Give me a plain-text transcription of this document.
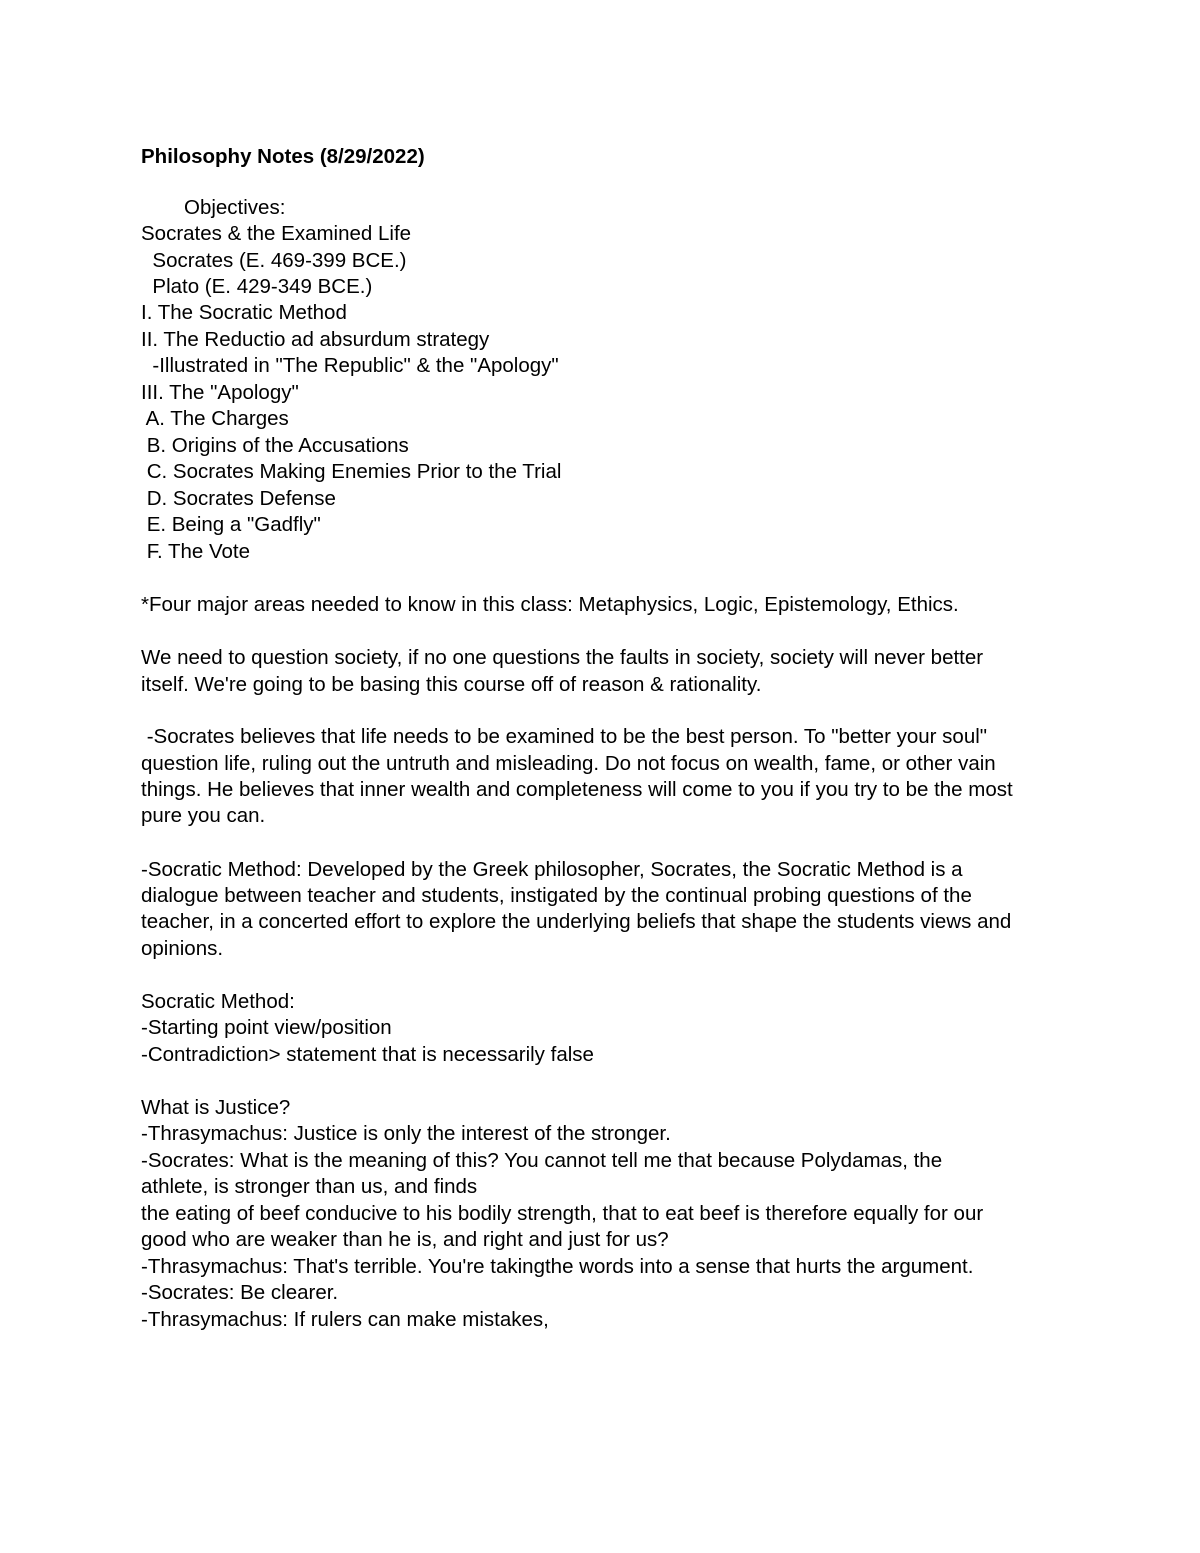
Philosophy Notes (8/29/2022)

Objectives:

Socrates & the Examined Life

Socrates (E. 469-399 BCE.)

Plato (E. 429-349 BCE.)

I. The Socratic Method

II. The Reductio ad absurdum strategy

-Illustrated in "The Republic" & the "Apology"

III. The "Apology"

A. The Charges

B. Origins of the Accusations

C. Socrates Making Enemies Prior to the Trial

D. Socrates Defense

E. Being a "Gadfly"

F. The Vote

*Four major areas needed to know in this class: Metaphysics, Logic, Epistemology, Ethics.

We need to question society, if no one questions the faults in society, society will never better

itself. We're going to be basing this course off of reason & rationality.

-Socrates believes that life needs to be examined to be the best person. To "better your soul"

question life, ruling out the untruth and misleading. Do not focus on wealth, fame, or other vain

things. He believes that inner wealth and completeness will come to you if you try to be the most

pure you can.

-Socratic Method: Developed by the Greek philosopher, Socrates, the Socratic Method is a

dialogue between teacher and students, instigated by the continual probing questions of the

teacher, in a concerted effort to explore the underlying beliefs that shape the students views and

opinions.

Socratic Method:

-Starting point view/position

-Contradiction> statement that is necessarily false

What is Justice?

-Thrasymachus: Justice is only the interest of the stronger.

-Socrates: What is the meaning of this? You cannot tell me that because Polydamas, the

athlete, is stronger than us, and finds

the eating of beef conducive to his bodily strength, that to eat beef is therefore equally for our

good who are weaker than he is, and right and just for us?

-Thrasymachus: That's terrible. You're takingthe words into a sense that hurts the argument.

-Socrates: Be clearer.

-Thrasymachus: If rulers can make mistakes,
